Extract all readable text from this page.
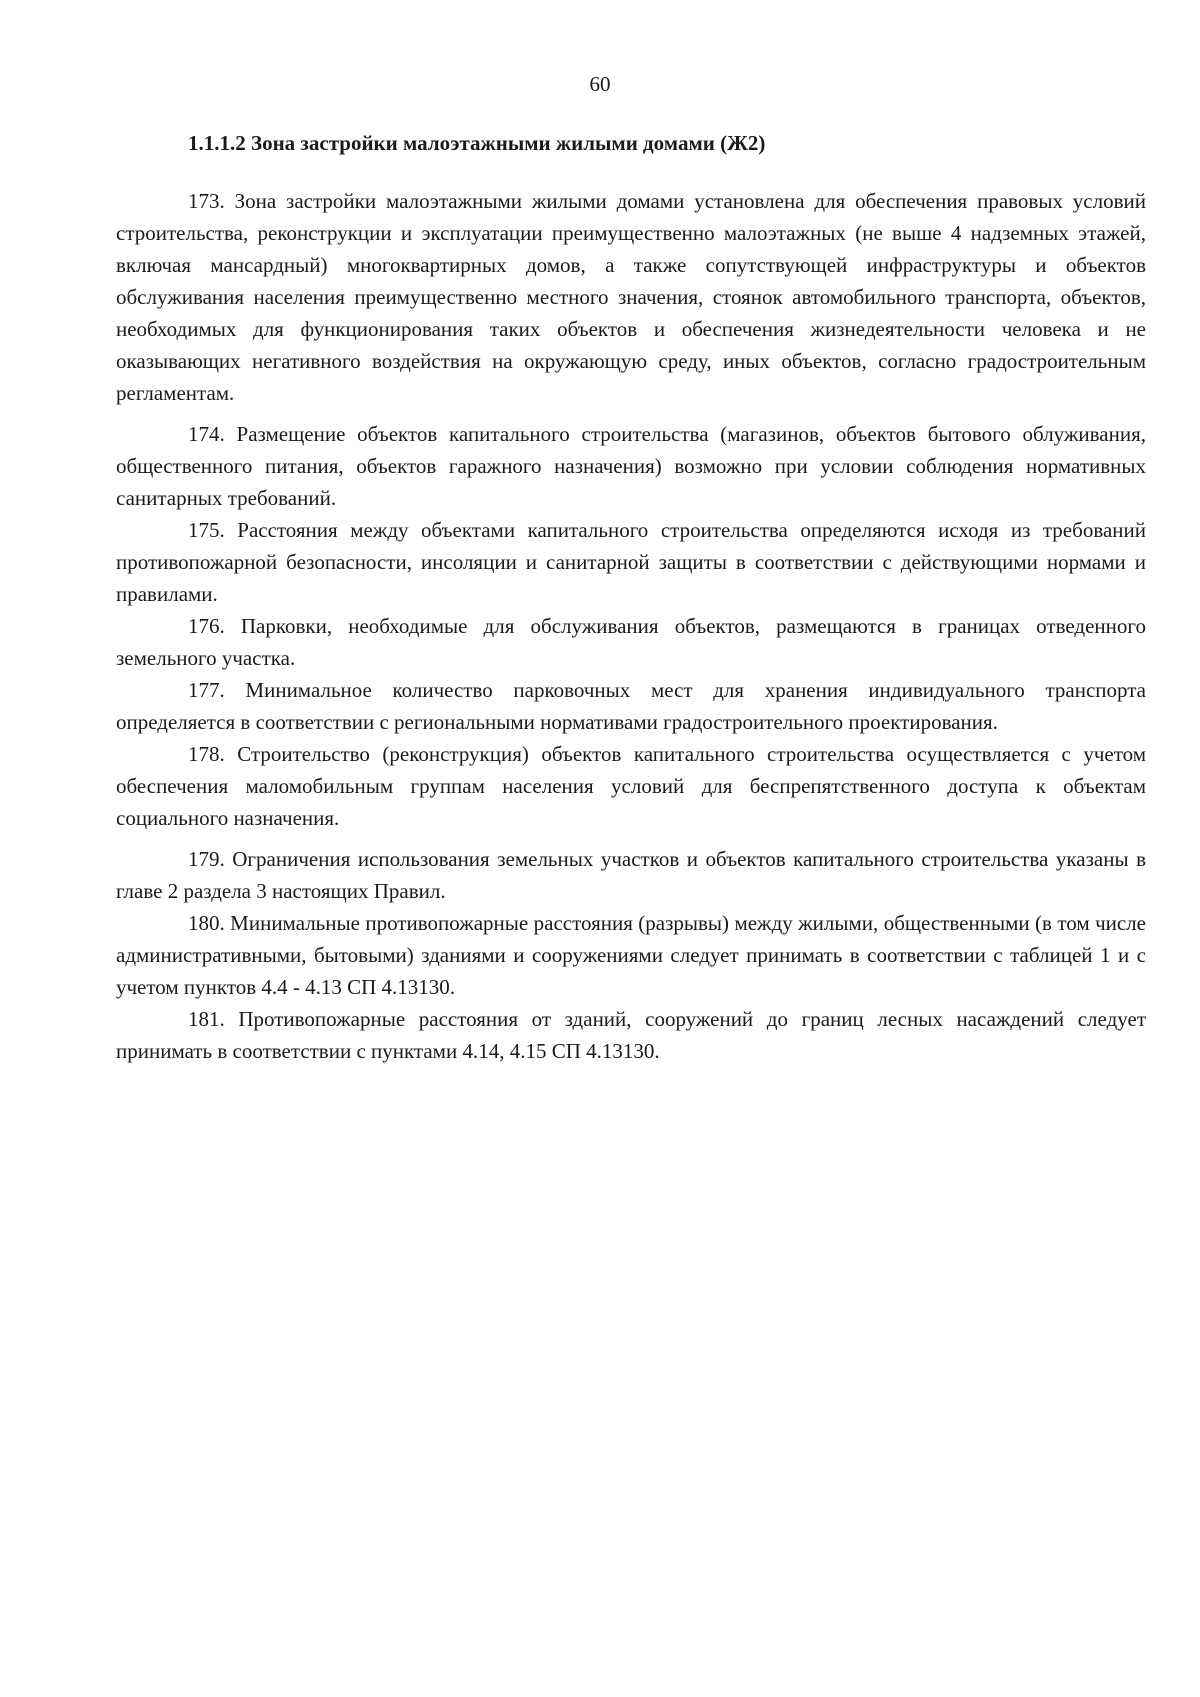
60
1.1.1.2 Зона застройки малоэтажными жилыми домами (Ж2)

173. Зона застройки малоэтажными жилыми домами установлена для обеспечения правовых условий строительства, реконструкции и эксплуатации преимущественно малоэтажных (не выше 4 надземных этажей, включая мансардный) многоквартирных домов, а также сопутствующей инфраструктуры и объектов обслуживания населения преимущественно местного значения, стоянок автомобильного транспорта, объектов, необходимых для функционирования таких объектов и обеспечения жизнедеятельности человека и не оказывающих негативного воздействия на окружающую среду, иных объектов, согласно градостроительным регламентам.

174. Размещение объектов капитального строительства (магазинов, объектов бытового облуживания, общественного питания, объектов гаражного назначения) возможно при условии соблюдения нормативных санитарных требований.

175. Расстояния между объектами капитального строительства определяются исходя из требований противопожарной безопасности, инсоляции и санитарной защиты в соответствии с действующими нормами и правилами.

176. Парковки, необходимые для обслуживания объектов, размещаются в границах отведенного земельного участка.

177. Минимальное количество парковочных мест для хранения индивидуального транспорта определяется в соответствии с региональными нормативами градостроительного проектирования.

178. Строительство (реконструкция) объектов капитального строительства осуществляется с учетом обеспечения маломобильным группам населения условий для беспрепятственного доступа к объектам социального назначения.

179. Ограничения использования земельных участков и объектов капитального строительства указаны в главе 2 раздела 3 настоящих Правил.

180. Минимальные противопожарные расстояния (разрывы) между жилыми, общественными (в том числе административными, бытовыми) зданиями и сооружениями следует принимать в соответствии с таблицей 1 и с учетом пунктов 4.4 - 4.13 СП 4.13130.

181. Противопожарные расстояния от зданий, сооружений до границ лесных насаждений следует принимать в соответствии с пунктами 4.14, 4.15 СП 4.13130.
